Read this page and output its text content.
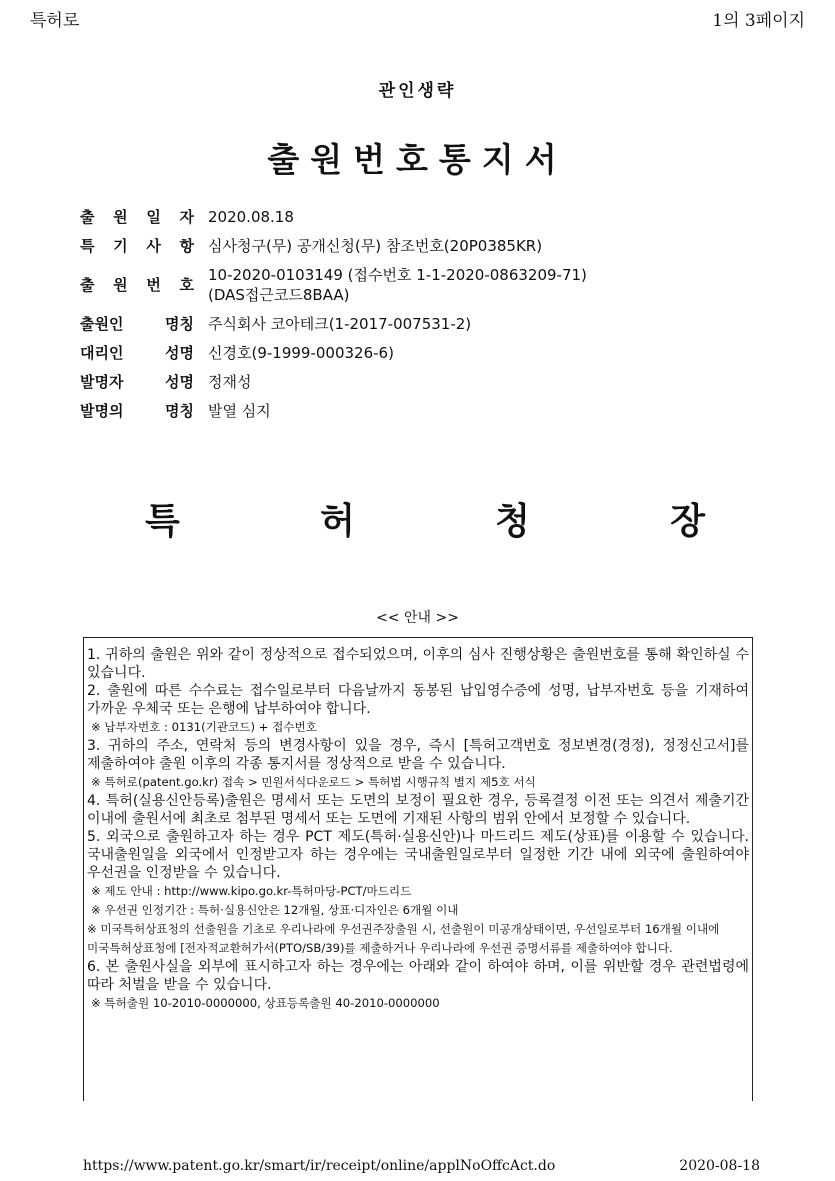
특허로	1의 3페이지
관인생략
출원번호통지서
출 원 일 자 2020.08.18
특 기 사 항 심사청구(무) 공개신청(무) 참조번호(20P0385KR)
출 원 번 호
10-2020-0103149 (접수번호 1-1-2020-0863209-71)
(DAS접근코드8BAA)
출원인	명칭 주식회사 코아테크(1-2017-007531-2)
대리인	성명 신경호(9-1999-000326-6)
발명자	성명 정재성
발명의	명칭 발열 심지
특	허	청	장
<< 안내 >>

1. 귀하의 출원은 위와 같이 정상적으로 접수되었으며, 이후의 심사 진행상황은 출원번호를 통해 확인하실 수 있습니다.

2. 출원에 따른 수수료는 접수일로부터 다음날까지 동봉된 납입영수증에 성명, 납부자번호 등을 기재하여 가까운 우체국 또는 은행에 납부하여야 합니다.

※ 납부자번호 : 0131(기관코드) + 접수번호

3. 귀하의 주소, 연락처 등의 변경사항이 있을 경우, 즉시 [특허고객번호 정보변경(경정), 정정신고서]를 제출하여야 출원 이후의 각종 통지서를 정상적으로 받을 수 있습니다.

※ 특허로(patent.go.kr) 접속 > 민원서식다운로드 > 특허법 시행규칙 별지 제5호 서식

4. 특허(실용신안등록)출원은 명세서 또는 도면의 보정이 필요한 경우, 등록결정 이전 또는 의견서 제출기간 이내에 출원서에 최초로 첨부된 명세서 또는 도면에 기재된 사항의 범위 안에서 보정할 수 있습니다.

5. 외국으로 출원하고자 하는 경우 PCT 제도(특허·실용신안)나 마드리드 제도(상표)를 이용할 수 있습니다. 국내출원일을 외국에서 인정받고자 하는 경우에는 국내출원일로부터 일정한 기간 내에 외국에 출원하여야 우선권을 인정받을 수 있습니다.

※ 제도 안내 : http://www.kipo.go.kr-특허마당-PCT/마드리드

※ 우선권 인정기간 : 특허·실용신안은 12개월, 상표·디자인은 6개월 이내

※ 미국특허상표청의 선출원을 기초로 우리나라에 우선권주장출원 시, 선출원이 미공개상태이면, 우선일로부터 16개월 이내에 미국특허상표청에 [전자적교환허가서(PTO/SB/39)를 제출하거나 우리나라에 우선권 증명서류를 제출하여야 합니다.

6. 본 출원사실을 외부에 표시하고자 하는 경우에는 아래와 같이 하여야 하며, 이를 위반할 경우 관련법령에 따라 처벌을 받을 수 있습니다.

※ 특허출원 10-2010-0000000, 상표등록출원 40-2010-0000000

https://www.patent.go.kr/smart/ir/receipt/online/applNoOffcAct.do	2020-08-18
